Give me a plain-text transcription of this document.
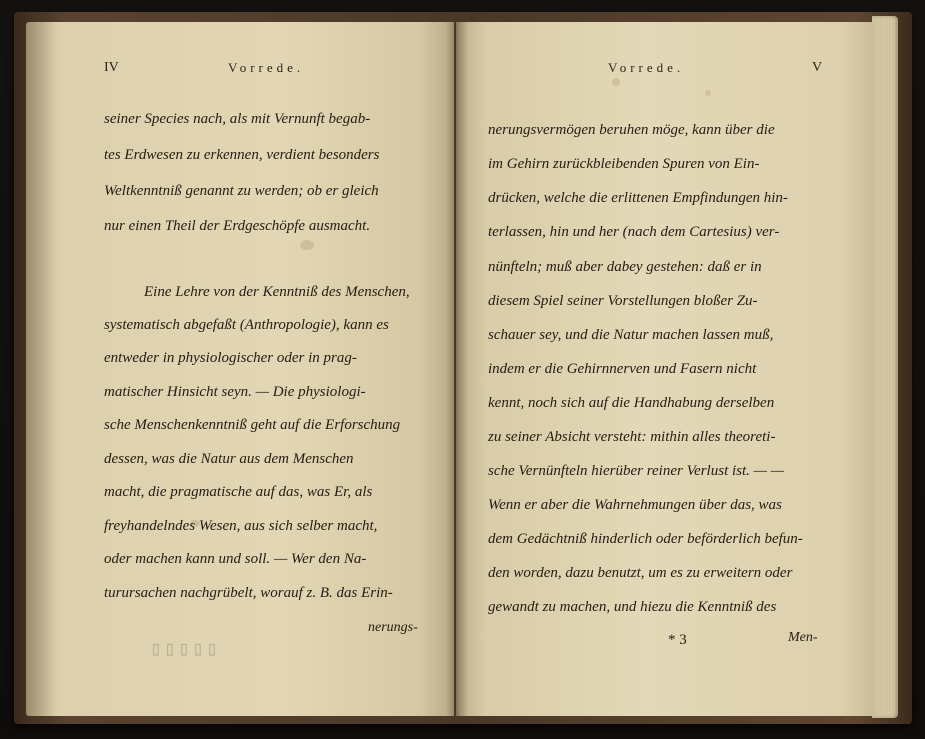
IV	Vorrede.
seiner Species nach, als mit Vernunft begab-
tes Erdwesen zu erkennen, verdient besonders
Weltkenntniß genannt zu werden; ob er gleich
nur einen Theil der Erdgeschöpfe ausmacht.
Eine Lehre von der Kenntniß des Menschen,
systematisch abgefaßt (Anthropologie), kann es
entweder in physiologischer oder in prag-
matischer Hinsicht seyn. — Die physiologi-
sche Menschenkenntniß geht auf die Erforschung
dessen, was die Natur aus dem Menschen
macht, die pragmatische auf das, was Er, als
freyhandelndes Wesen, aus sich selber macht,
oder machen kann und soll. — Wer den Na-
turursachen nachgrübelt, worauf z. B. das Erin-
nerungs-
▯▯▯▯▯
Vorrede.	V
nerungsvermögen beruhen möge, kann über die
im Gehirn zurückbleibenden Spuren von Ein-
drücken, welche die erlittenen Empfindungen hin-
terlassen, hin und her (nach dem Cartesius) ver-
nünfteln; muß aber dabey gestehen: daß er in
diesem Spiel seiner Vorstellungen bloßer Zu-
schauer sey, und die Natur machen lassen muß,
indem er die Gehirnnerven und Fasern nicht
kennt, noch sich auf die Handhabung derselben
zu seiner Absicht versteht: mithin alles theoreti-
sche Vernünfteln hierüber reiner Verlust ist. — —
Wenn er aber die Wahrnehmungen über das, was
dem Gedächtniß hinderlich oder beförderlich befun-
den worden, dazu benutzt, um es zu erweitern oder
gewandt zu machen, und hiezu die Kenntniß des
* 3	Men-
